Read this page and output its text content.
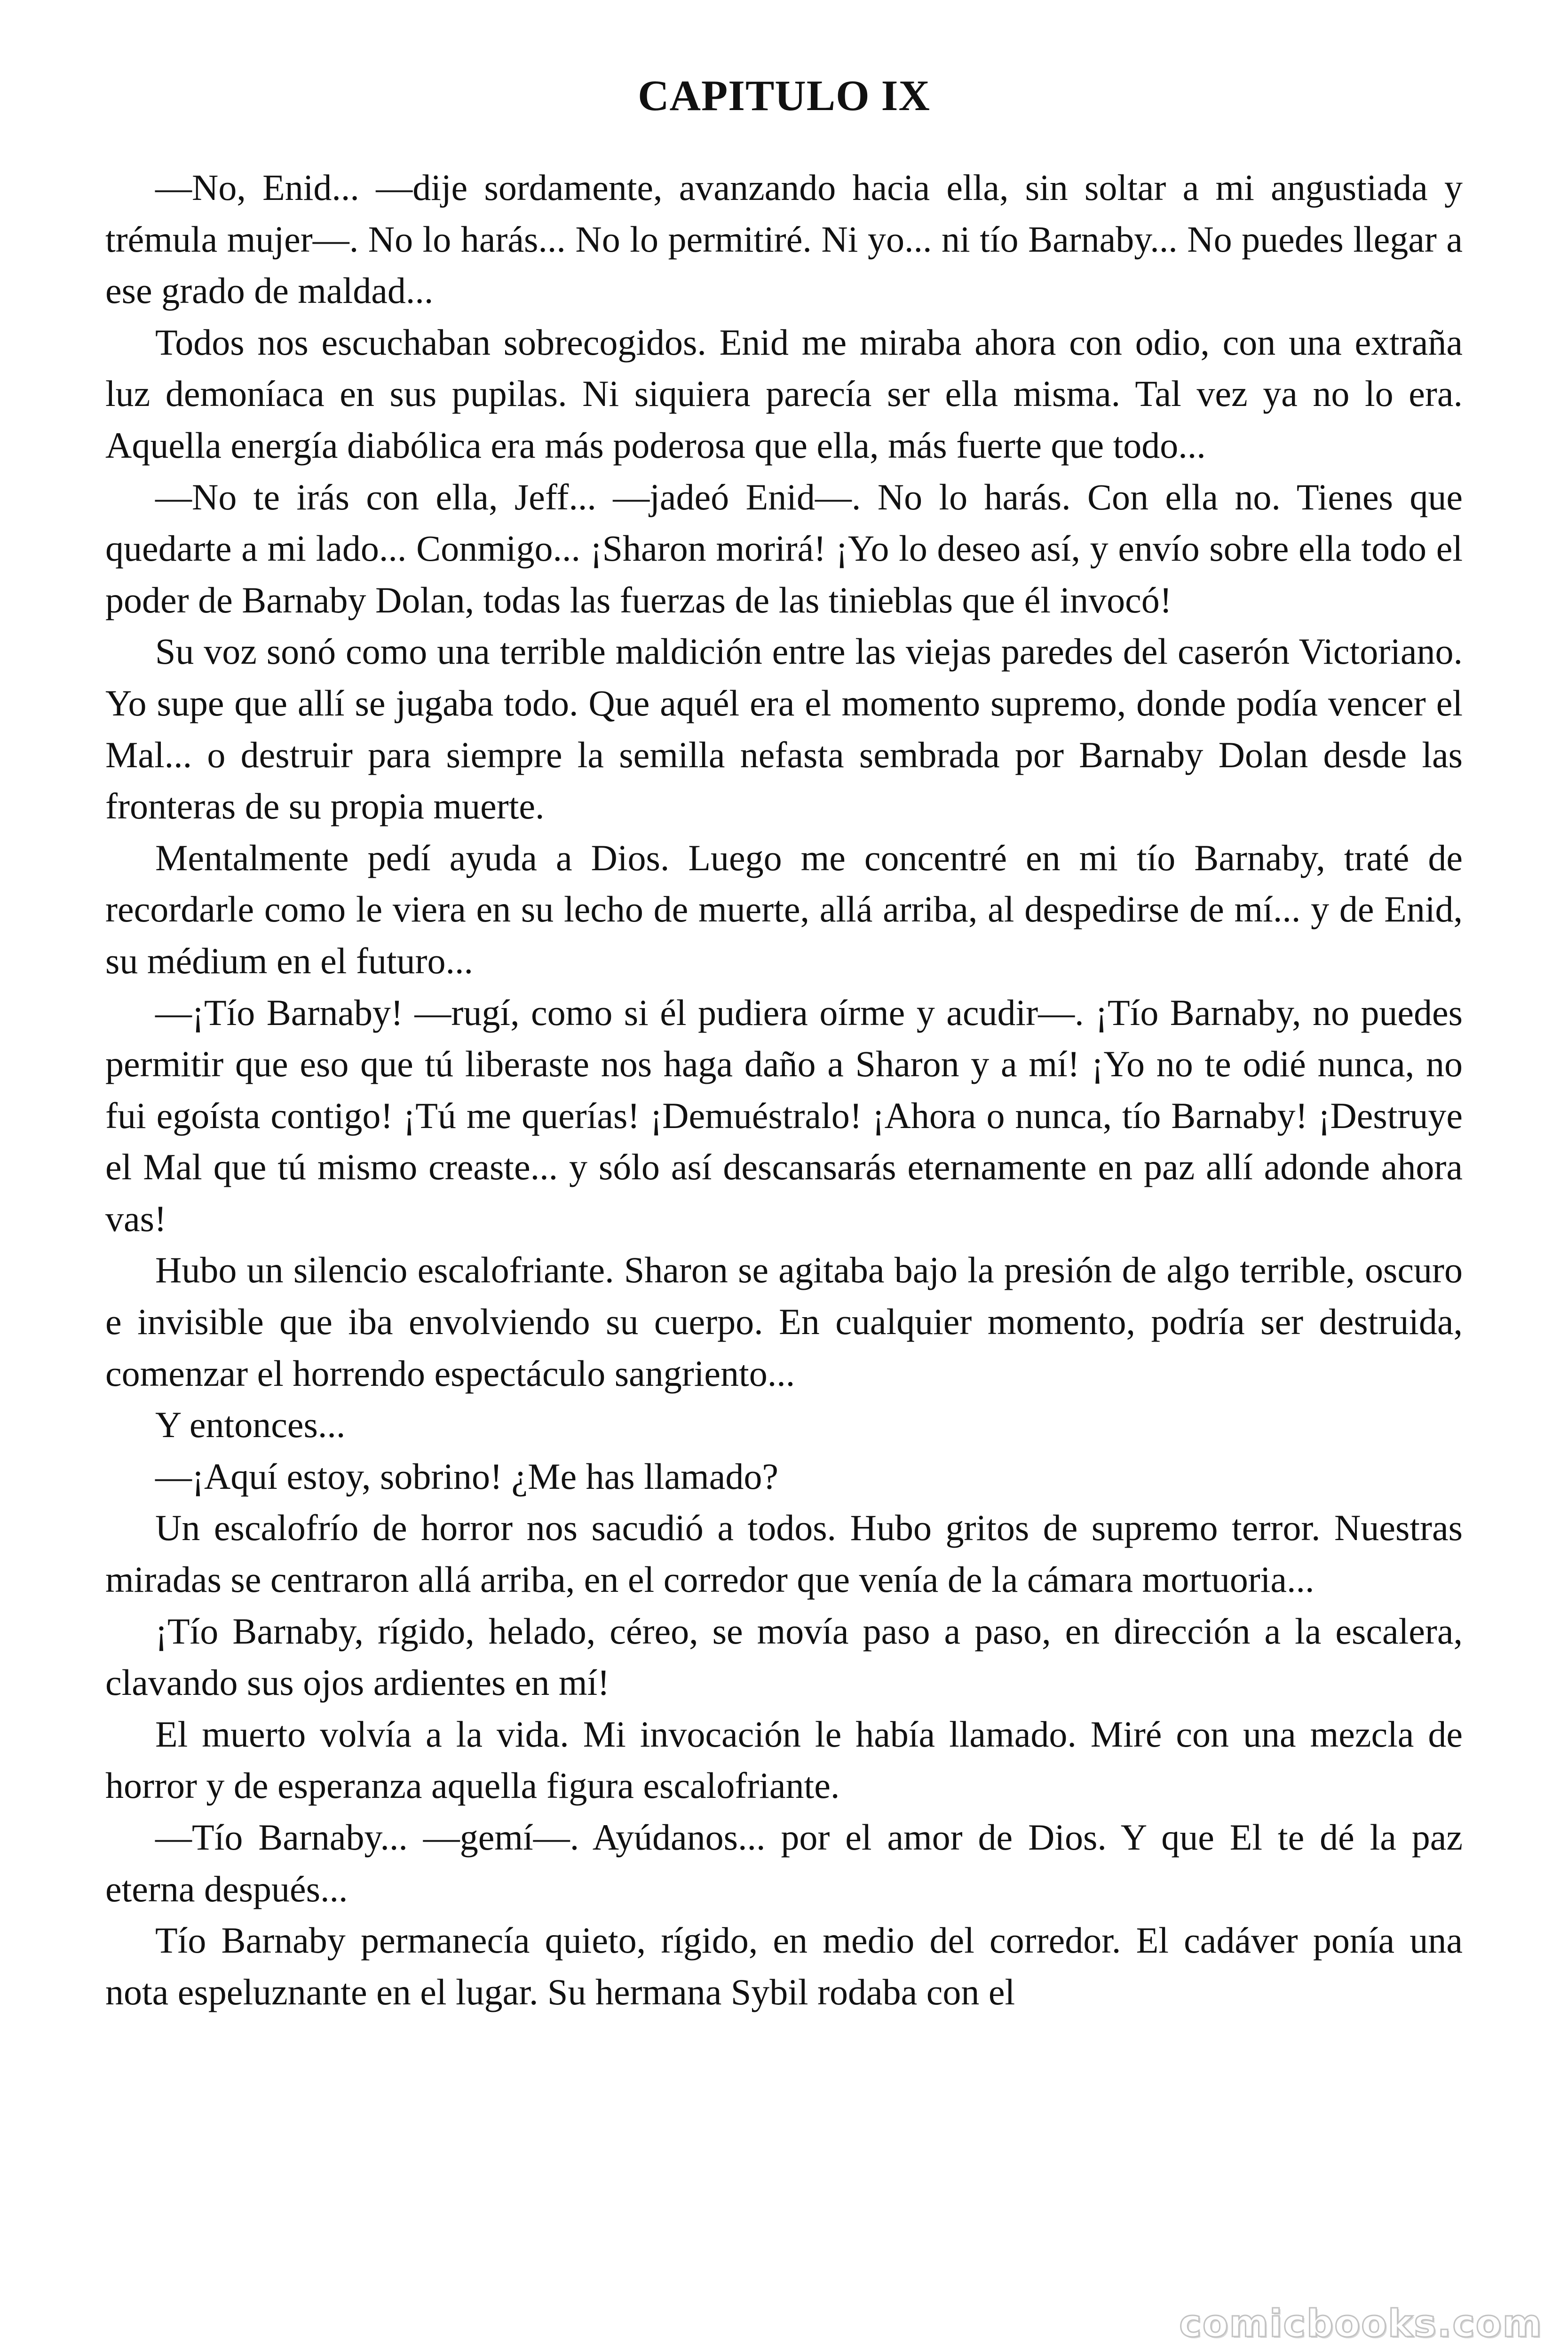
CAPITULO IX

—No, Enid... —dije sordamente, avanzando hacia ella, sin soltar a mi angustiada y trémula mujer—. No lo harás... No lo permitiré. Ni yo... ni tío Barnaby... No puedes llegar a ese grado de maldad...

Todos nos escuchaban sobrecogidos. Enid me miraba ahora con odio, con una extraña luz demoníaca en sus pupilas. Ni siquiera parecía ser ella misma. Tal vez ya no lo era. Aquella energía diabólica era más poderosa que ella, más fuerte que todo...

—No te irás con ella, Jeff... —jadeó Enid—. No lo harás. Con ella no. Tienes que quedarte a mi lado... Conmigo... ¡Sharon morirá! ¡Yo lo deseo así, y envío sobre ella todo el poder de Barnaby Dolan, todas las fuerzas de las tinieblas que él invocó!

Su voz sonó como una terrible maldición entre las viejas paredes del caserón Victoriano. Yo supe que allí se jugaba todo. Que aquél era el momento supremo, donde podía vencer el Mal... o destruir para siempre la semilla nefasta sembrada por Barnaby Dolan desde las fronteras de su propia muerte.

Mentalmente pedí ayuda a Dios. Luego me concentré en mi tío Barnaby, traté de recordarle como le viera en su lecho de muerte, allá arriba, al despedirse de mí... y de Enid, su médium en el futuro...

—¡Tío Barnaby! —rugí, como si él pudiera oírme y acudir—. ¡Tío Barnaby, no puedes permitir que eso que tú liberaste nos haga daño a Sharon y a mí! ¡Yo no te odié nunca, no fui egoísta contigo! ¡Tú me querías! ¡Demuéstralo! ¡Ahora o nunca, tío Barnaby! ¡Destruye el Mal que tú mismo creaste... y sólo así descansarás eternamente en paz allí adonde ahora vas!

Hubo un silencio escalofriante. Sharon se agitaba bajo la presión de algo terrible, oscuro e invisible que iba envolviendo su cuerpo. En cualquier momento, podría ser destruida, comenzar el horrendo espectáculo sangriento...

Y entonces...

—¡Aquí estoy, sobrino! ¿Me has llamado?

Un escalofrío de horror nos sacudió a todos. Hubo gritos de supremo terror. Nuestras miradas se centraron allá arriba, en el corredor que venía de la cámara mortuoria...

¡Tío Barnaby, rígido, helado, céreo, se movía paso a paso, en dirección a la escalera, clavando sus ojos ardientes en mí!

El muerto volvía a la vida. Mi invocación le había llamado. Miré con una mezcla de horror y de esperanza aquella figura escalofriante.

—Tío Barnaby... —gemí—. Ayúdanos... por el amor de Dios. Y que El te dé la paz eterna después...

Tío Barnaby permanecía quieto, rígido, en medio del corredor. El cadáver ponía una nota espeluznante en el lugar. Su hermana Sybil rodaba con el

comicbooks.com
